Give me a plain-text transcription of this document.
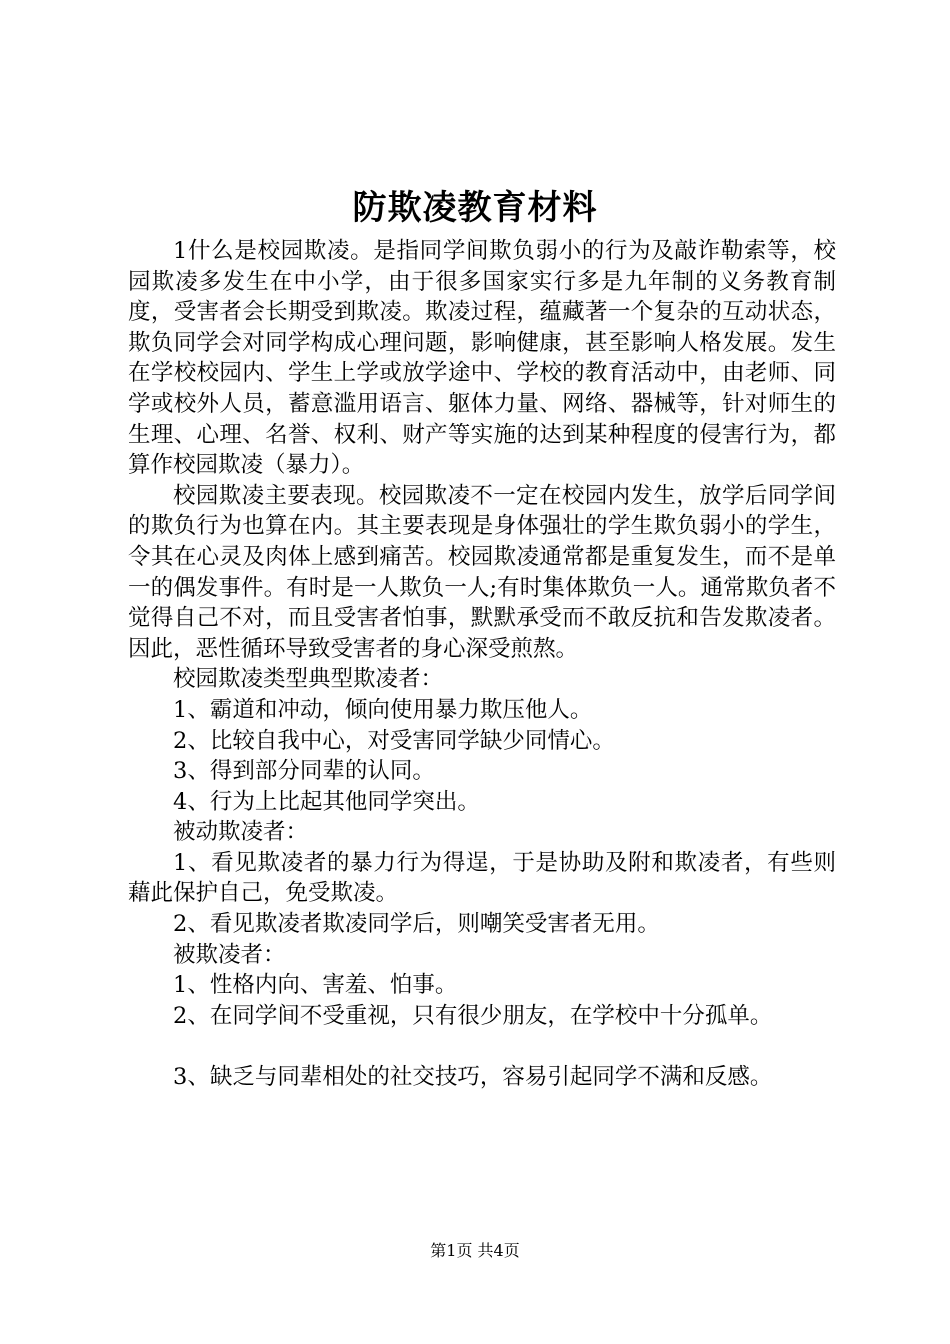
防欺凌教育材料

1什么是校园欺凌。是指同学间欺负弱小的行为及敲诈勒索等，校园欺凌多发生在中小学，由于很多国家实行多是九年制的义务教育制度，受害者会长期受到欺凌。欺凌过程，蕴藏著一个复杂的互动状态，欺负同学会对同学构成心理问题，影响健康，甚至影响人格发展。发生在学校校园内、学生上学或放学途中、学校的教育活动中，由老师、同学或校外人员，蓄意滥用语言、躯体力量、网络、器械等，针对师生的生理、心理、名誉、权利、财产等实施的达到某种程度的侵害行为，都算作校园欺凌（暴力）。

校园欺凌主要表现。校园欺凌不一定在校园内发生，放学后同学间的欺负行为也算在内。其主要表现是身体强壮的学生欺负弱小的学生，令其在心灵及肉体上感到痛苦。校园欺凌通常都是重复发生，而不是单一的偶发事件。有时是一人欺负一人;有时集体欺负一人。通常欺负者不觉得自己不对，而且受害者怕事，默默承受而不敢反抗和告发欺凌者。因此，恶性循环导致受害者的身心深受煎熬。

校园欺凌类型典型欺凌者：

1、霸道和冲动，倾向使用暴力欺压他人。

2、比较自我中心，对受害同学缺少同情心。

3、得到部分同辈的认同。

4、行为上比起其他同学突出。

被动欺凌者：

1、看见欺凌者的暴力行为得逞，于是协助及附和欺凌者，有些则藉此保护自己，免受欺凌。

2、看见欺凌者欺凌同学后，则嘲笑受害者无用。

被欺凌者：

1、性格内向、害羞、怕事。

2、在同学间不受重视，只有很少朋友，在学校中十分孤单。

3、缺乏与同辈相处的社交技巧，容易引起同学不满和反感。

第1页 共4页
